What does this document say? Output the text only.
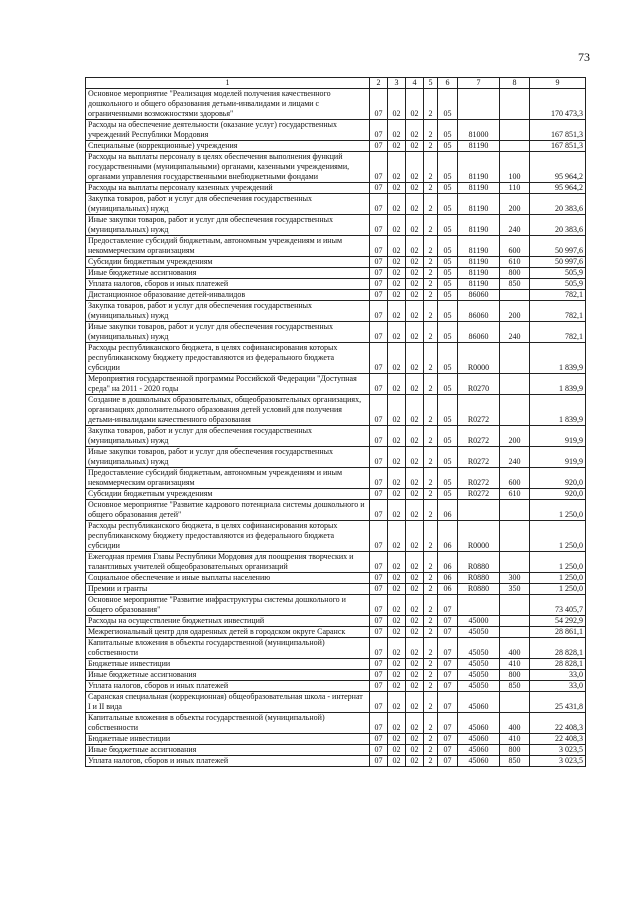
73
1	2	3	4	5	6	7	8	9
Основное мероприятие "Реализация моделей получения качественного дошкольного и общего образования детьми-инвалидами и лицами с ограниченными возможностями здоровья"	07	02	02	2	05			170 473,3
Расходы на обеспечение деятельности (оказание услуг) государственных учреждений Республики Мордовия	07	02	02	2	05	81000		167 851,3
Специальные (коррекционные) учреждения	07	02	02	2	05	81190		167 851,3
Расходы на выплаты персоналу в целях обеспечения выполнения функций государственными (муниципальными) органами, казенными учреждениями, органами управления государственными внебюджетными фондами	07	02	02	2	05	81190	100	95 964,2
Расходы на выплаты персоналу казенных учреждений	07	02	02	2	05	81190	110	95 964,2
Закупка товаров, работ и услуг для обеспечения государственных (муниципальных) нужд	07	02	02	2	05	81190	200	20 383,6
Иные закупки товаров, работ и услуг для обеспечения государственных (муниципальных) нужд	07	02	02	2	05	81190	240	20 383,6
Предоставление субсидий бюджетным, автономным учреждениям и иным некоммерческим организациям	07	02	02	2	05	81190	600	50 997,6
Субсидии бюджетным учреждениям	07	02	02	2	05	81190	610	50 997,6
Иные бюджетные ассигнования	07	02	02	2	05	81190	800	505,9
Уплата налогов, сборов и иных платежей	07	02	02	2	05	81190	850	505,9
Дистанционное образование детей-инвалидов	07	02	02	2	05	86060		782,1
Закупка товаров, работ и услуг для обеспечения государственных (муниципальных) нужд	07	02	02	2	05	86060	200	782,1
Иные закупки товаров, работ и услуг для обеспечения государственных (муниципальных) нужд	07	02	02	2	05	86060	240	782,1
Расходы республиканского бюджета, в целях софинансирования которых республиканскому бюджету предоставляются из федерального бюджета субсидии	07	02	02	2	05	R0000		1 839,9
Мероприятия государственной программы Российской Федерации "Доступная среда" на 2011 - 2020 годы	07	02	02	2	05	R0270		1 839,9
Создание в дошкольных образовательных, общеобразовательных организациях, организациях дополнительного образования детей условий для получения детьми-инвалидами качественного образования	07	02	02	2	05	R0272		1 839,9
Закупка товаров, работ и услуг для обеспечения государственных (муниципальных) нужд	07	02	02	2	05	R0272	200	919,9
Иные закупки товаров, работ и услуг для обеспечения государственных (муниципальных) нужд	07	02	02	2	05	R0272	240	919,9
Предоставление субсидий бюджетным, автономным учреждениям и иным некоммерческим организациям	07	02	02	2	05	R0272	600	920,0
Субсидии бюджетным учреждениям	07	02	02	2	05	R0272	610	920,0
Основное мероприятие "Развитие кадрового потенциала системы дошкольного и общего образования детей"	07	02	02	2	06			1 250,0
Расходы республиканского бюджета, в целях софинансирования которых республиканскому бюджету предоставляются из федерального бюджета субсидии	07	02	02	2	06	R0000		1 250,0
Ежегодная премия Главы Республики Мордовия для поощрения творческих и талантливых учителей общеобразовательных организаций	07	02	02	2	06	R0880		1 250,0
Социальное обеспечение и иные выплаты населению	07	02	02	2	06	R0880	300	1 250,0
Премии и гранты	07	02	02	2	06	R0880	350	1 250,0
Основное мероприятие "Развитие инфраструктуры системы дошкольного и общего образования"	07	02	02	2	07			73 405,7
Расходы на осуществление бюджетных инвестиций	07	02	02	2	07	45000		54 292,9
Межрегиональный центр для одаренных детей в городском округе Саранск	07	02	02	2	07	45050		28 861,1
Капитальные вложения в объекты государственной (муниципальной) собственности	07	02	02	2	07	45050	400	28 828,1
Бюджетные инвестиции	07	02	02	2	07	45050	410	28 828,1
Иные бюджетные ассигнования	07	02	02	2	07	45050	800	33,0
Уплата налогов, сборов и иных платежей	07	02	02	2	07	45050	850	33,0
Саранская специальная (коррекционная) общеобразовательная школа - интернат I и II вида	07	02	02	2	07	45060		25 431,8
Капитальные вложения в объекты государственной (муниципальной) собственности	07	02	02	2	07	45060	400	22 408,3
Бюджетные инвестиции	07	02	02	2	07	45060	410	22 408,3
Иные бюджетные ассигнования	07	02	02	2	07	45060	800	3 023,5
Уплата налогов, сборов и иных платежей	07	02	02	2	07	45060	850	3 023,5
